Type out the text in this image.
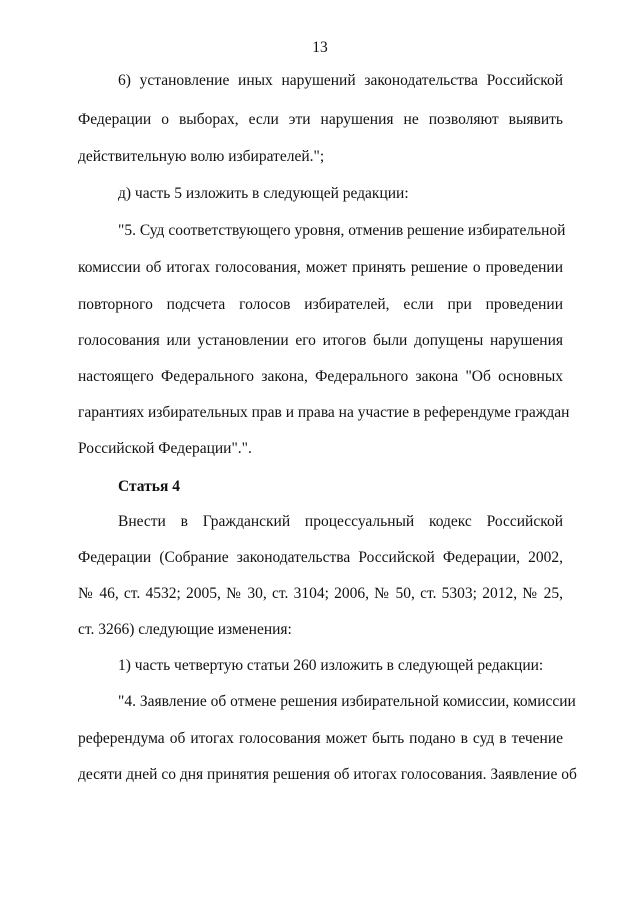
13
6) установление иных нарушений законодательства Российской
Федерации о выборах, если эти нарушения не позволяют выявить
действительную волю избирателей.";
д) часть 5 изложить в следующей редакции:
"5. Суд соответствующего уровня, отменив решение избирательной
комиссии об итогах голосования, может принять решение о проведении
повторного подсчета голосов избирателей, если при проведении
голосования или установлении его итогов были допущены нарушения
настоящего Федерального закона, Федерального закона "Об основных
гарантиях избирательных прав и права на участие в референдуме граждан
Российской Федерации".".
Статья 4
Внести в Гражданский процессуальный кодекс Российской
Федерации (Собрание законодательства Российской Федерации, 2002,
№ 46, ст. 4532; 2005, № 30, ст. 3104; 2006, № 50, ст. 5303; 2012, № 25,
ст. 3266) следующие изменения:
1) часть четвертую статьи 260 изложить в следующей редакции:
"4. Заявление об отмене решения избирательной комиссии, комиссии
референдума об итогах голосования может быть подано в суд в течение
десяти дней со дня принятия решения об итогах голосования. Заявление об
